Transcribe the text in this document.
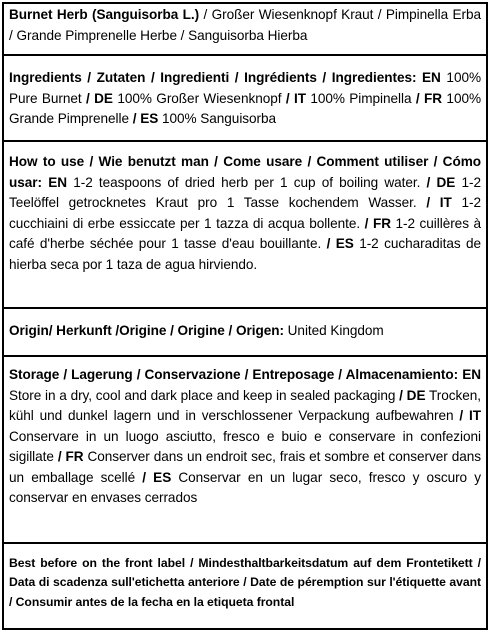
Burnet Herb (Sanguisorba L.) / Großer Wiesenknopf Kraut / Pimpinella Erba / Grande Pimprenelle Herbe / Sanguisorba Hierba
Ingredients / Zutaten / Ingredienti / Ingrédients / Ingredientes: EN 100% Pure Burnet / DE 100% Großer Wiesenknopf / IT 100% Pimpinella / FR 100% Grande Pimprenelle / ES 100% Sanguisorba
How to use / Wie benutzt man / Come usare / Comment utiliser / Cómo usar: EN 1-2 teaspoons of dried herb per 1 cup of boiling water. / DE 1-2 Teelöffel getrocknetes Kraut pro 1 Tasse kochendem Wasser. / IT 1-2 cucchiaini di erbe essiccate per 1 tazza di acqua bollente. / FR 1-2 cuillères à café d'herbe séchée pour 1 tasse d'eau bouillante. / ES 1-2 cucharaditas de hierba seca por 1 taza de agua hirviendo.
Origin/ Herkunft /Origine / Origine / Origen: United Kingdom
Storage / Lagerung / Conservazione / Entreposage / Almacenamiento: EN Store in a dry, cool and dark place and keep in sealed packaging / DE Trocken, kühl und dunkel lagern und in verschlossener Verpackung aufbewahren / IT Conservare in un luogo asciutto, fresco e buio e conservare in confezioni sigillate / FR Conserver dans un endroit sec, frais et sombre et conserver dans un emballage scellé / ES Conservar en un lugar seco, fresco y oscuro y conservar en envases cerrados
Best before on the front label / Mindesthaltbarkeitsdatum auf dem Frontetikett / Data di scadenza sull'etichetta anteriore / Date de péremption sur l'étiquette avant / Consumir antes de la fecha en la etiqueta frontal
